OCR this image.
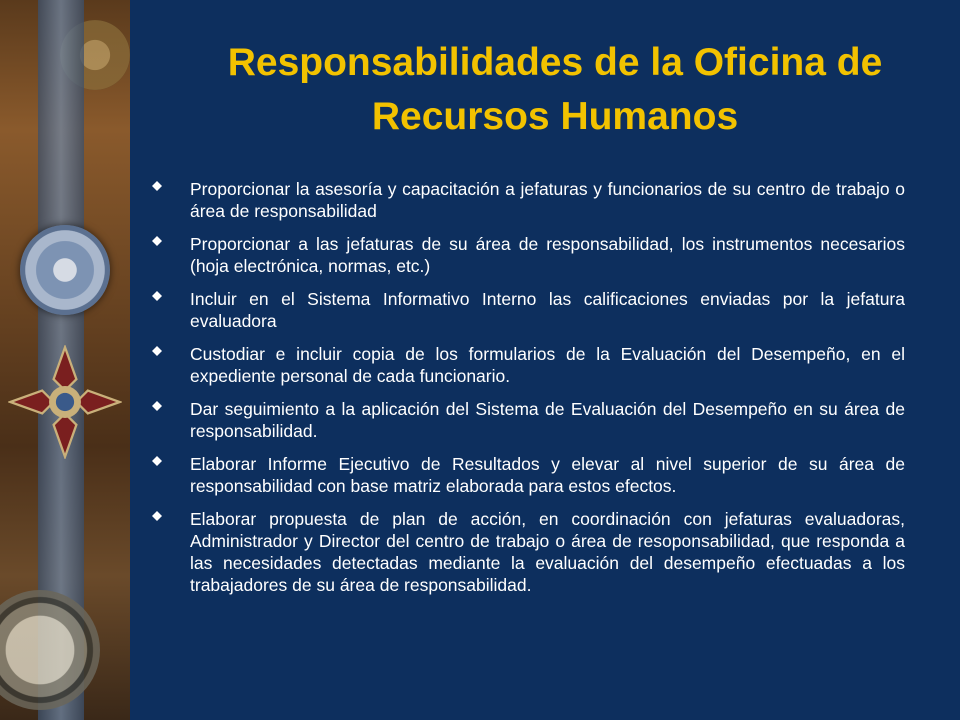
Responsabilidades de la Oficina de Recursos Humanos
Proporcionar la asesoría y capacitación a jefaturas y funcionarios de su centro de trabajo o área de responsabilidad
Proporcionar a las jefaturas de su área de responsabilidad, los instrumentos necesarios (hoja electrónica, normas, etc.)
Incluir en el Sistema Informativo Interno las calificaciones enviadas por la jefatura evaluadora
Custodiar e incluir copia de los formularios de la Evaluación del Desempeño, en el expediente personal de cada funcionario.
Dar seguimiento a la aplicación del Sistema de Evaluación del Desempeño en su área de responsabilidad.
Elaborar Informe Ejecutivo de Resultados y elevar al nivel superior de su área de responsabilidad con base matriz elaborada para estos efectos.
Elaborar propuesta de plan de acción, en coordinación con jefaturas evaluadoras, Administrador y Director del centro de trabajo o área de resoponsabilidad, que responda a las necesidades detectadas mediante la evaluación del desempeño efectuadas a los trabajadores de su área de responsabilidad.
